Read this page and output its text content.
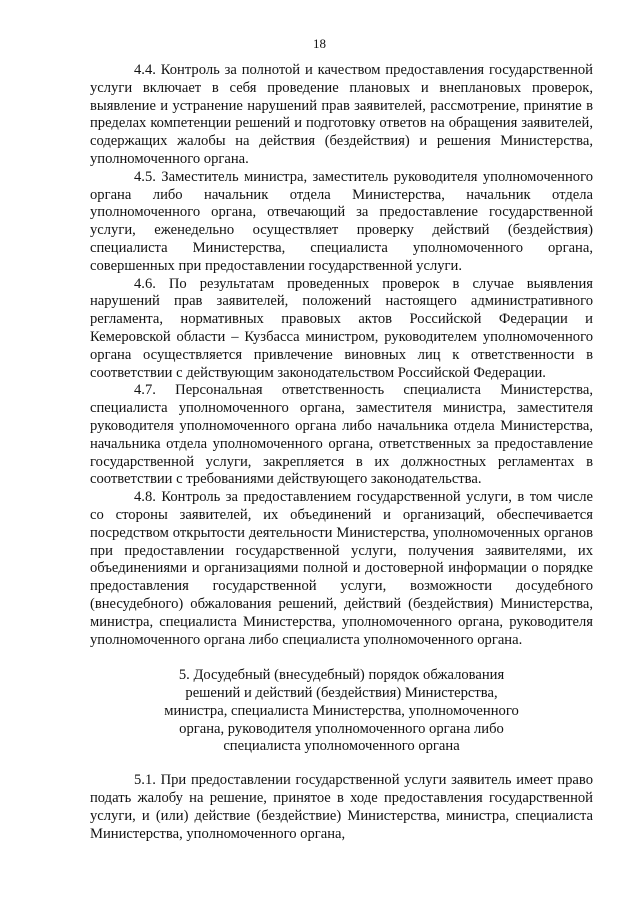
18

4.4. Контроль за полнотой и качеством предоставления государственной услуги включает в себя проведение плановых и внеплановых проверок, выявление и устранение нарушений прав заявителей, рассмотрение, принятие в пределах компетенции решений и подготовку ответов на обращения заявителей, содержащих жалобы на действия (бездействия) и решения Министерства, уполномоченного органа.

4.5. Заместитель министра, заместитель руководителя уполномоченного органа либо начальник отдела Министерства, начальник отдела уполномоченного органа, отвечающий за предоставление государственной услуги, еженедельно осуществляет проверку действий (бездействия) специалиста Министерства, специалиста уполномоченного органа, совершенных при предоставлении государственной услуги.

4.6. По результатам проведенных проверок в случае выявления нарушений прав заявителей, положений настоящего административного регламента, нормативных правовых актов Российской Федерации и Кемеровской области – Кузбасса министром, руководителем уполномоченного органа осуществляется привлечение виновных лиц к ответственности в соответствии с действующим законодательством Российской Федерации.

4.7. Персональная ответственность специалиста Министерства, специалиста уполномоченного органа, заместителя министра, заместителя руководителя уполномоченного органа либо начальника отдела Министерства, начальника отдела уполномоченного органа, ответственных за предоставление государственной услуги, закрепляется в их должностных регламентах в соответствии с требованиями действующего законодательства.

4.8. Контроль за предоставлением государственной услуги, в том числе со стороны заявителей, их объединений и организаций, обеспечивается посредством открытости деятельности Министерства, уполномоченных органов при предоставлении государственной услуги, получения заявителями, их объединениями и организациями полной и достоверной информации о порядке предоставления государственной услуги, возможности досудебного (внесудебного) обжалования решений, действий (бездействия) Министерства, министра, специалиста Министерства, уполномоченного органа, руководителя уполномоченного органа либо специалиста уполномоченного органа.

5. Досудебный (внесудебный) порядок обжалования
решений и действий (бездействия) Министерства,
министра, специалиста Министерства, уполномоченного
органа, руководителя уполномоченного органа либо
специалиста уполномоченного органа

5.1. При предоставлении государственной услуги заявитель имеет право подать жалобу на решение, принятое в ходе предоставления государственной услуги, и (или) действие (бездействие) Министерства, министра, специалиста Министерства, уполномоченного органа,
